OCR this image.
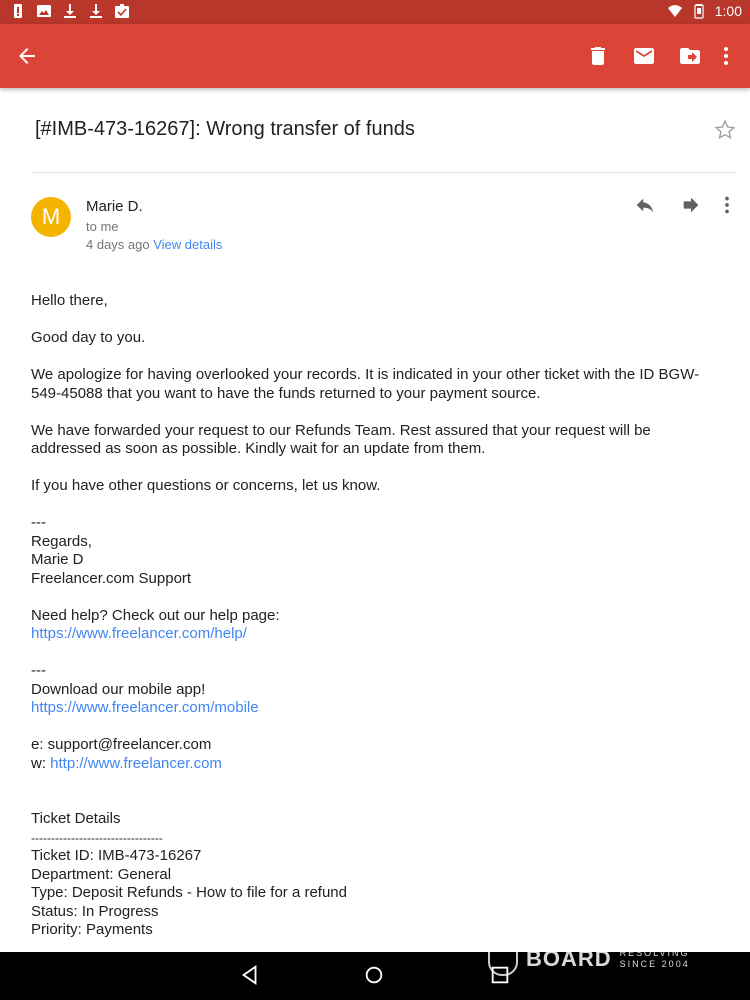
1:00
[#IMB-473-16267]: Wrong transfer of funds
M	Marie D.
to me
4 days ago View details

Hello there,

Good day to you.

We apologize for having overlooked your records. It is indicated in your other ticket with the ID BGW-549-45088 that you want to have the funds returned to your payment source.

We have forwarded your request to our Refunds Team. Rest assured that your request will be addressed as soon as possible. Kindly wait for an update from them.

If you have other questions or concerns, let us know.

---
Regards,
Marie D
Freelancer.com Support

Need help? Check out our help page:
https://www.freelancer.com/help/

---
Download our mobile app!
https://www.freelancer.com/mobile

e: support@freelancer.com
w: http://www.freelancer.com

Ticket Details
---------------------------------
Ticket ID: IMB-473-16267
Department: General
Type: Deposit Refunds - How to file for a refund
Status: In Progress
Priority: Payments

COMPLAINTS
BOARD RESOLVING
SINCE 2004
